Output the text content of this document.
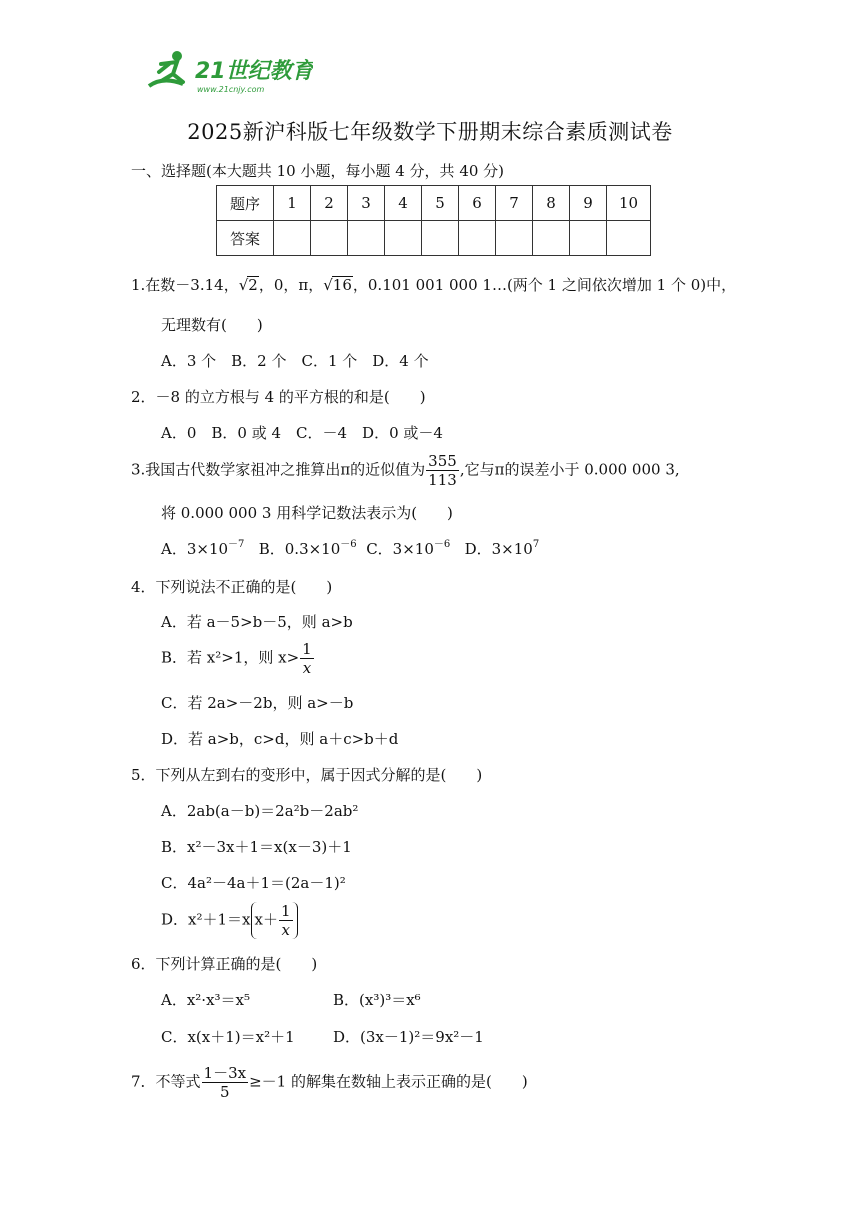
21世纪教育
www.21cnjy.com
2025新沪科版七年级数学下册期末综合素质测试卷
一、选择题(本大题共 10 小题，每小题 4 分，共 40 分)
题序	1	2	3	4	5	6	7	8	9	10
答案										
1.在数－3.14，√2，0，π，√16，0.101 001 000 1…(两个 1 之间依次增加 1 个 0)中，
无理数有(　　)
A．3 个　B．2 个　C．1 个　D．4 个
2．－8 的立方根与 4 的平方根的和是(　　)
A．0　B．0 或 4　C．－4　D．0 或－4
3.我国古代数学家祖冲之推算出π的近似值为 $\frac{355}{113}$ ,它与π的误差小于 0.000 000 3,
将 0.000 000 3 用科学记数法表示为(　　)
A．$3\times 10^{-7}$ B．$0.3\times 10^{-6}$ C．$3\times 10^{-6}$ D．$3\times 10^7$
4．下列说法不正确的是(　　)
A．若 a－5>b－5，则 a>b
B．若 x²>1，则 $x> \frac{1}{x}$
C．若 2a>－2b，则 a>－b
D．若 a>b，c>d，则 a＋c>b＋d
5．下列从左到右的变形中，属于因式分解的是(　　)
A．2ab(a－b)＝2a²b－2ab²
B．x²－3x＋1＝x(x－3)＋1
C．4a²－4a＋1＝(2a－1)²
D．x²＋1＝x $x+ \frac{1}{x}$
6．下列计算正确的是(　　)
A．x²·x³＝x⁵	B．(x³)³＝x⁶
C．x(x＋1)＝x²＋1	D．(3x－1)²＝9x²－1
7．不等式 $\frac{1-3x}{5} \ge-1$ 的解集在数轴上表示正确的是(　　)
